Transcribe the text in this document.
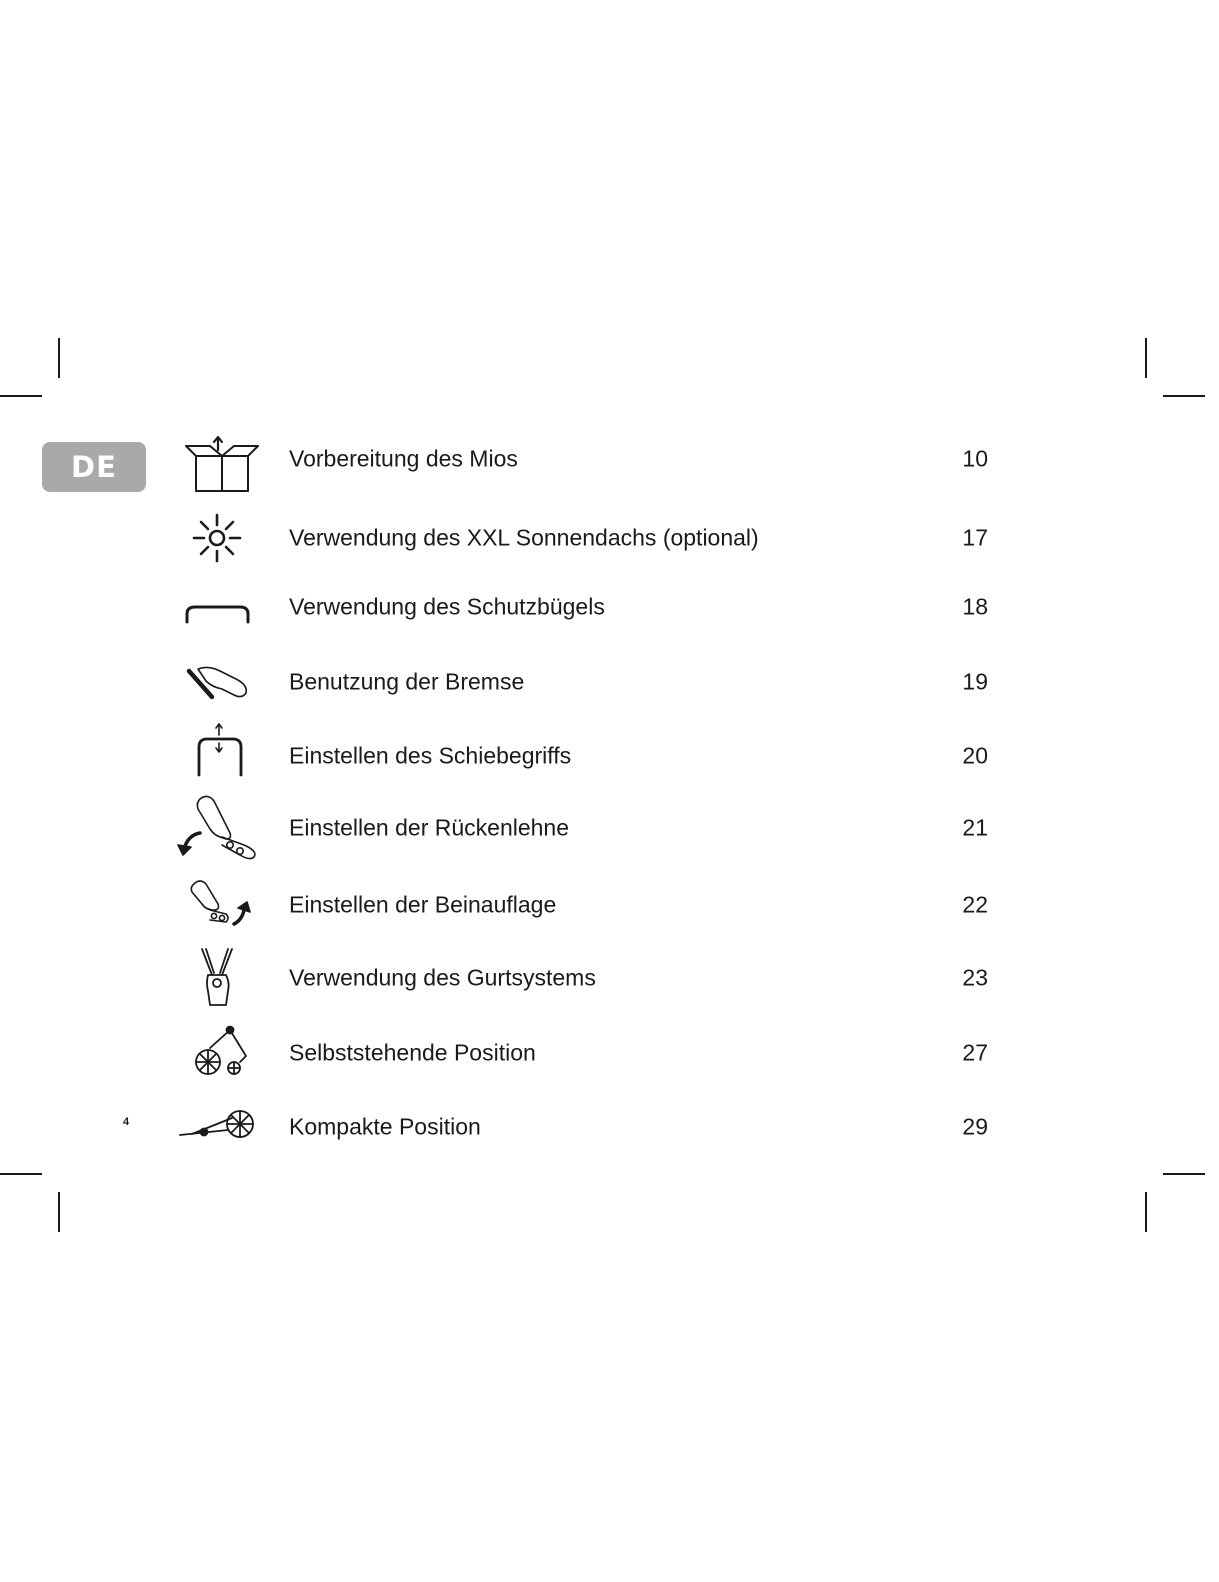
DE
4
Vorbereitung des Mios	10
Verwendung des XXL Sonnendachs (optional)	17
Verwendung des Schutzbügels	18
Benutzung der Bremse	19
Einstellen des Schiebegriffs	20
Einstellen der Rückenlehne	21
Einstellen der Beinauflage	22
Verwendung des Gurtsystems	23
Selbststehende Position	27
Kompakte Position	29
